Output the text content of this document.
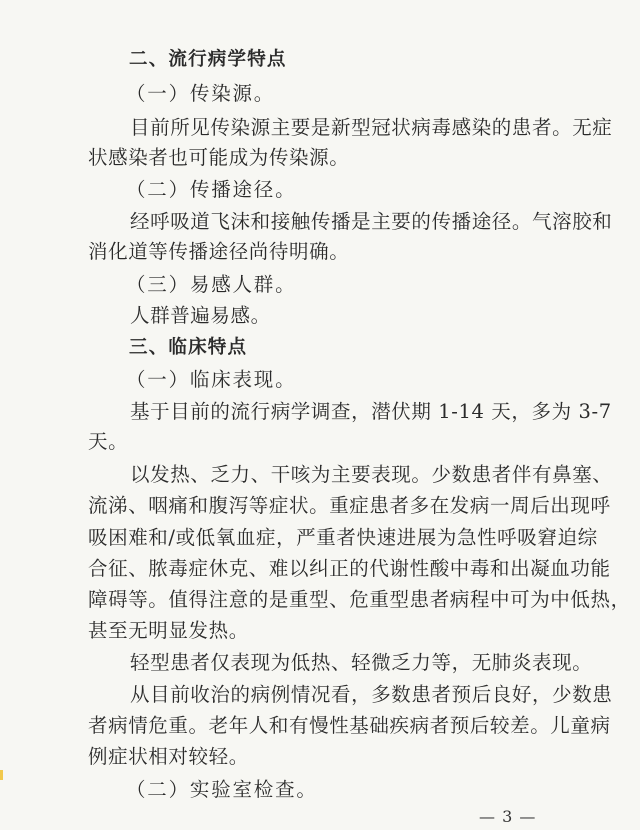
二、流行病学特点
（一）传染源。
目前所见传染源主要是新型冠状病毒感染的患者。无症
状感染者也可能成为传染源。
（二）传播途径。
经呼吸道飞沫和接触传播是主要的传播途径。气溶胶和
消化道等传播途径尚待明确。
（三）易感人群。
人群普遍易感。
三、临床特点
（一）临床表现。
基于目前的流行病学调查，潜伏期 1-14 天，多为 3-7
天。
以发热、乏力、干咳为主要表现。少数患者伴有鼻塞、
流涕、咽痛和腹泻等症状。重症患者多在发病一周后出现呼
吸困难和/或低氧血症，严重者快速进展为急性呼吸窘迫综
合征、脓毒症休克、难以纠正的代谢性酸中毒和出凝血功能
障碍等。值得注意的是重型、危重型患者病程中可为中低热，
甚至无明显发热。
轻型患者仅表现为低热、轻微乏力等，无肺炎表现。
从目前收治的病例情况看，多数患者预后良好，少数患
者病情危重。老年人和有慢性基础疾病者预后较差。儿童病
例症状相对较轻。
（二）实验室检查。
— 3 —
